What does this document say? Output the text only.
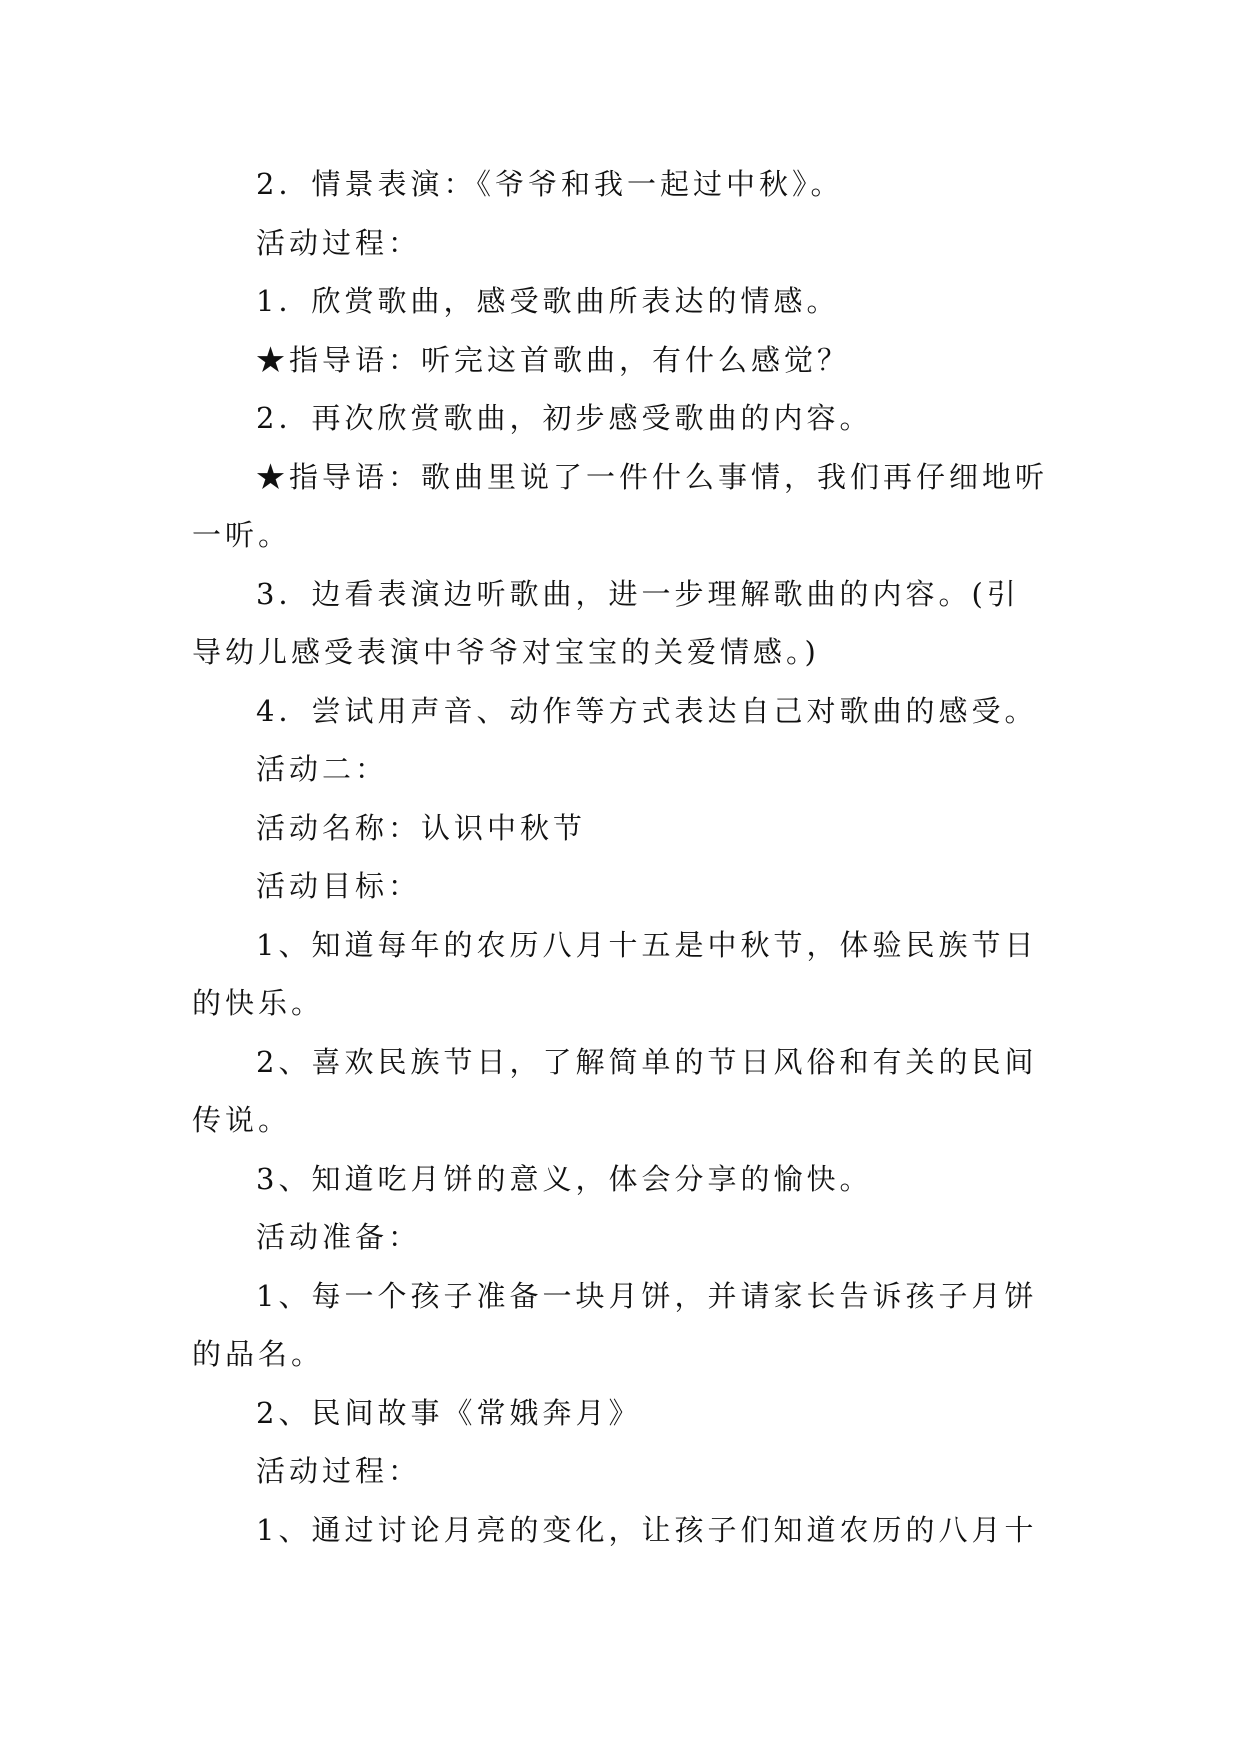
2．情景表演：《爷爷和我一起过中秋》。

活动过程：

1．欣赏歌曲，感受歌曲所表达的情感。

★指导语：听完这首歌曲，有什么感觉？

2．再次欣赏歌曲，初步感受歌曲的内容。

★指导语：歌曲里说了一件什么事情，我们再仔细地听一听。

3．边看表演边听歌曲，进一步理解歌曲的内容。(引导幼儿感受表演中爷爷对宝宝的关爱情感。)

4．尝试用声音、动作等方式表达自己对歌曲的感受。

活动二：

活动名称：认识中秋节

活动目标：

1、知道每年的农历八月十五是中秋节，体验民族节日的快乐。

2、喜欢民族节日，了解简单的节日风俗和有关的民间传说。

3、知道吃月饼的意义，体会分享的愉快。

活动准备：

1、每一个孩子准备一块月饼，并请家长告诉孩子月饼的品名。

2、民间故事《常娥奔月》

活动过程：

1、通过讨论月亮的变化，让孩子们知道农历的八月十
